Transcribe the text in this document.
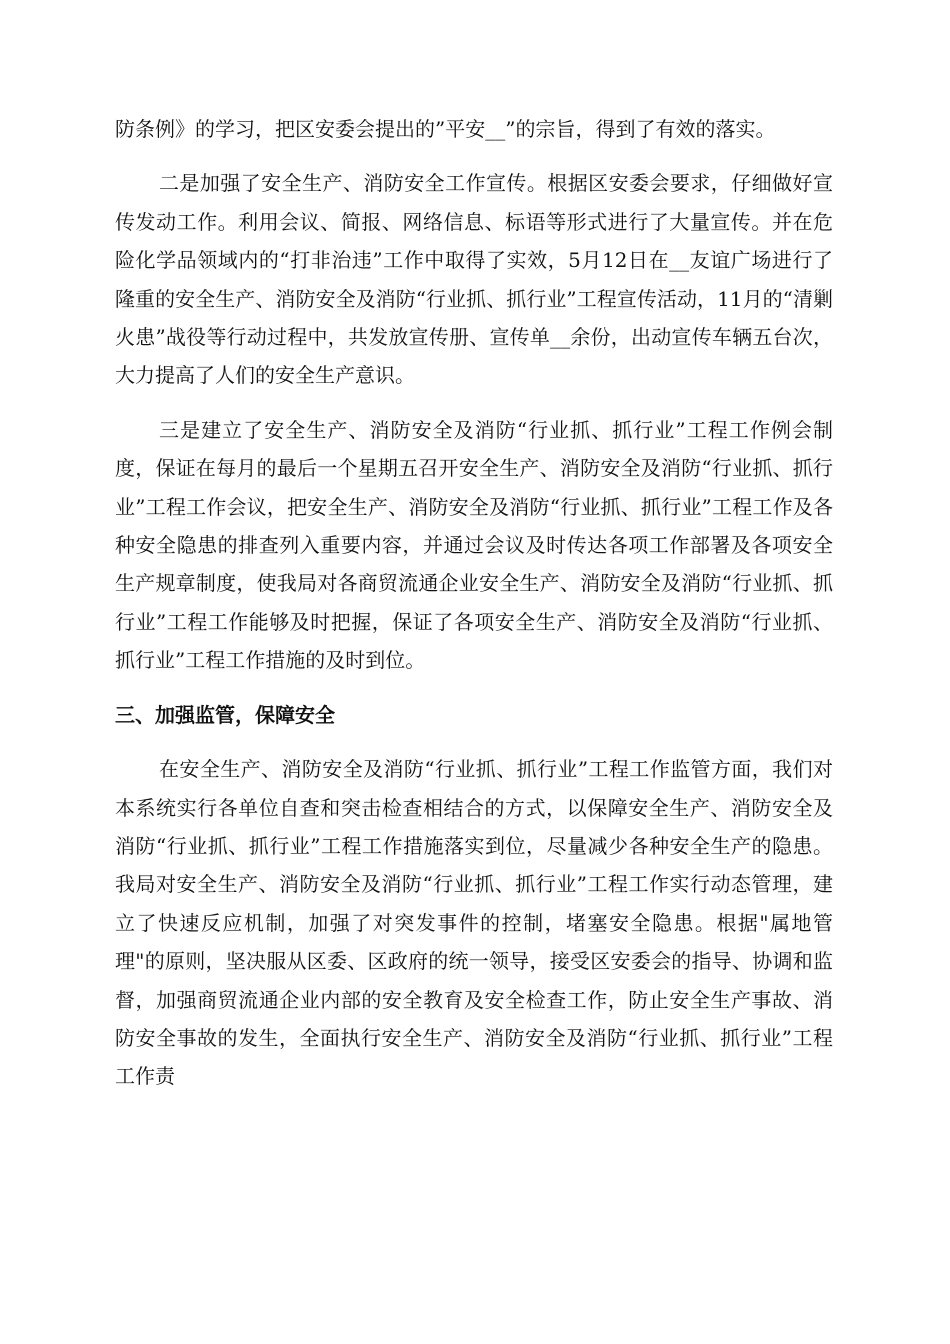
防条例》的学习，把区安委会提出的”平安__”的宗旨，得到了有效的落实。

二是加强了安全生产、消防安全工作宣传。根据区安委会要求，仔细做好宣传发动工作。利用会议、简报、网络信息、标语等形式进行了大量宣传。并在危险化学品领域内的“打非治违”工作中取得了实效，5月12日在__友谊广场进行了隆重的安全生产、消防安全及消防“行业抓、抓行业”工程宣传活动，11月的“清剿火患”战役等行动过程中，共发放宣传册、宣传单__余份，出动宣传车辆五台次，大力提高了人们的安全生产意识。

三是建立了安全生产、消防安全及消防“行业抓、抓行业”工程工作例会制度，保证在每月的最后一个星期五召开安全生产、消防安全及消防“行业抓、抓行业”工程工作会议，把安全生产、消防安全及消防“行业抓、抓行业”工程工作及各种安全隐患的排查列入重要内容，并通过会议及时传达各项工作部署及各项安全生产规章制度，使我局对各商贸流通企业安全生产、消防安全及消防“行业抓、抓行业”工程工作能够及时把握，保证了各项安全生产、消防安全及消防“行业抓、抓行业”工程工作措施的及时到位。

三、加强监管，保障安全

在安全生产、消防安全及消防“行业抓、抓行业”工程工作监管方面，我们对本系统实行各单位自查和突击检查相结合的方式，以保障安全生产、消防安全及消防“行业抓、抓行业”工程工作措施落实到位，尽量减少各种安全生产的隐患。我局对安全生产、消防安全及消防“行业抓、抓行业”工程工作实行动态管理，建立了快速反应机制，加强了对突发事件的控制，堵塞安全隐患。根据"属地管理"的原则，坚决服从区委、区政府的统一领导，接受区安委会的指导、协调和监督，加强商贸流通企业内部的安全教育及安全检查工作，防止安全生产事故、消防安全事故的发生，全面执行安全生产、消防安全及消防“行业抓、抓行业”工程工作责
